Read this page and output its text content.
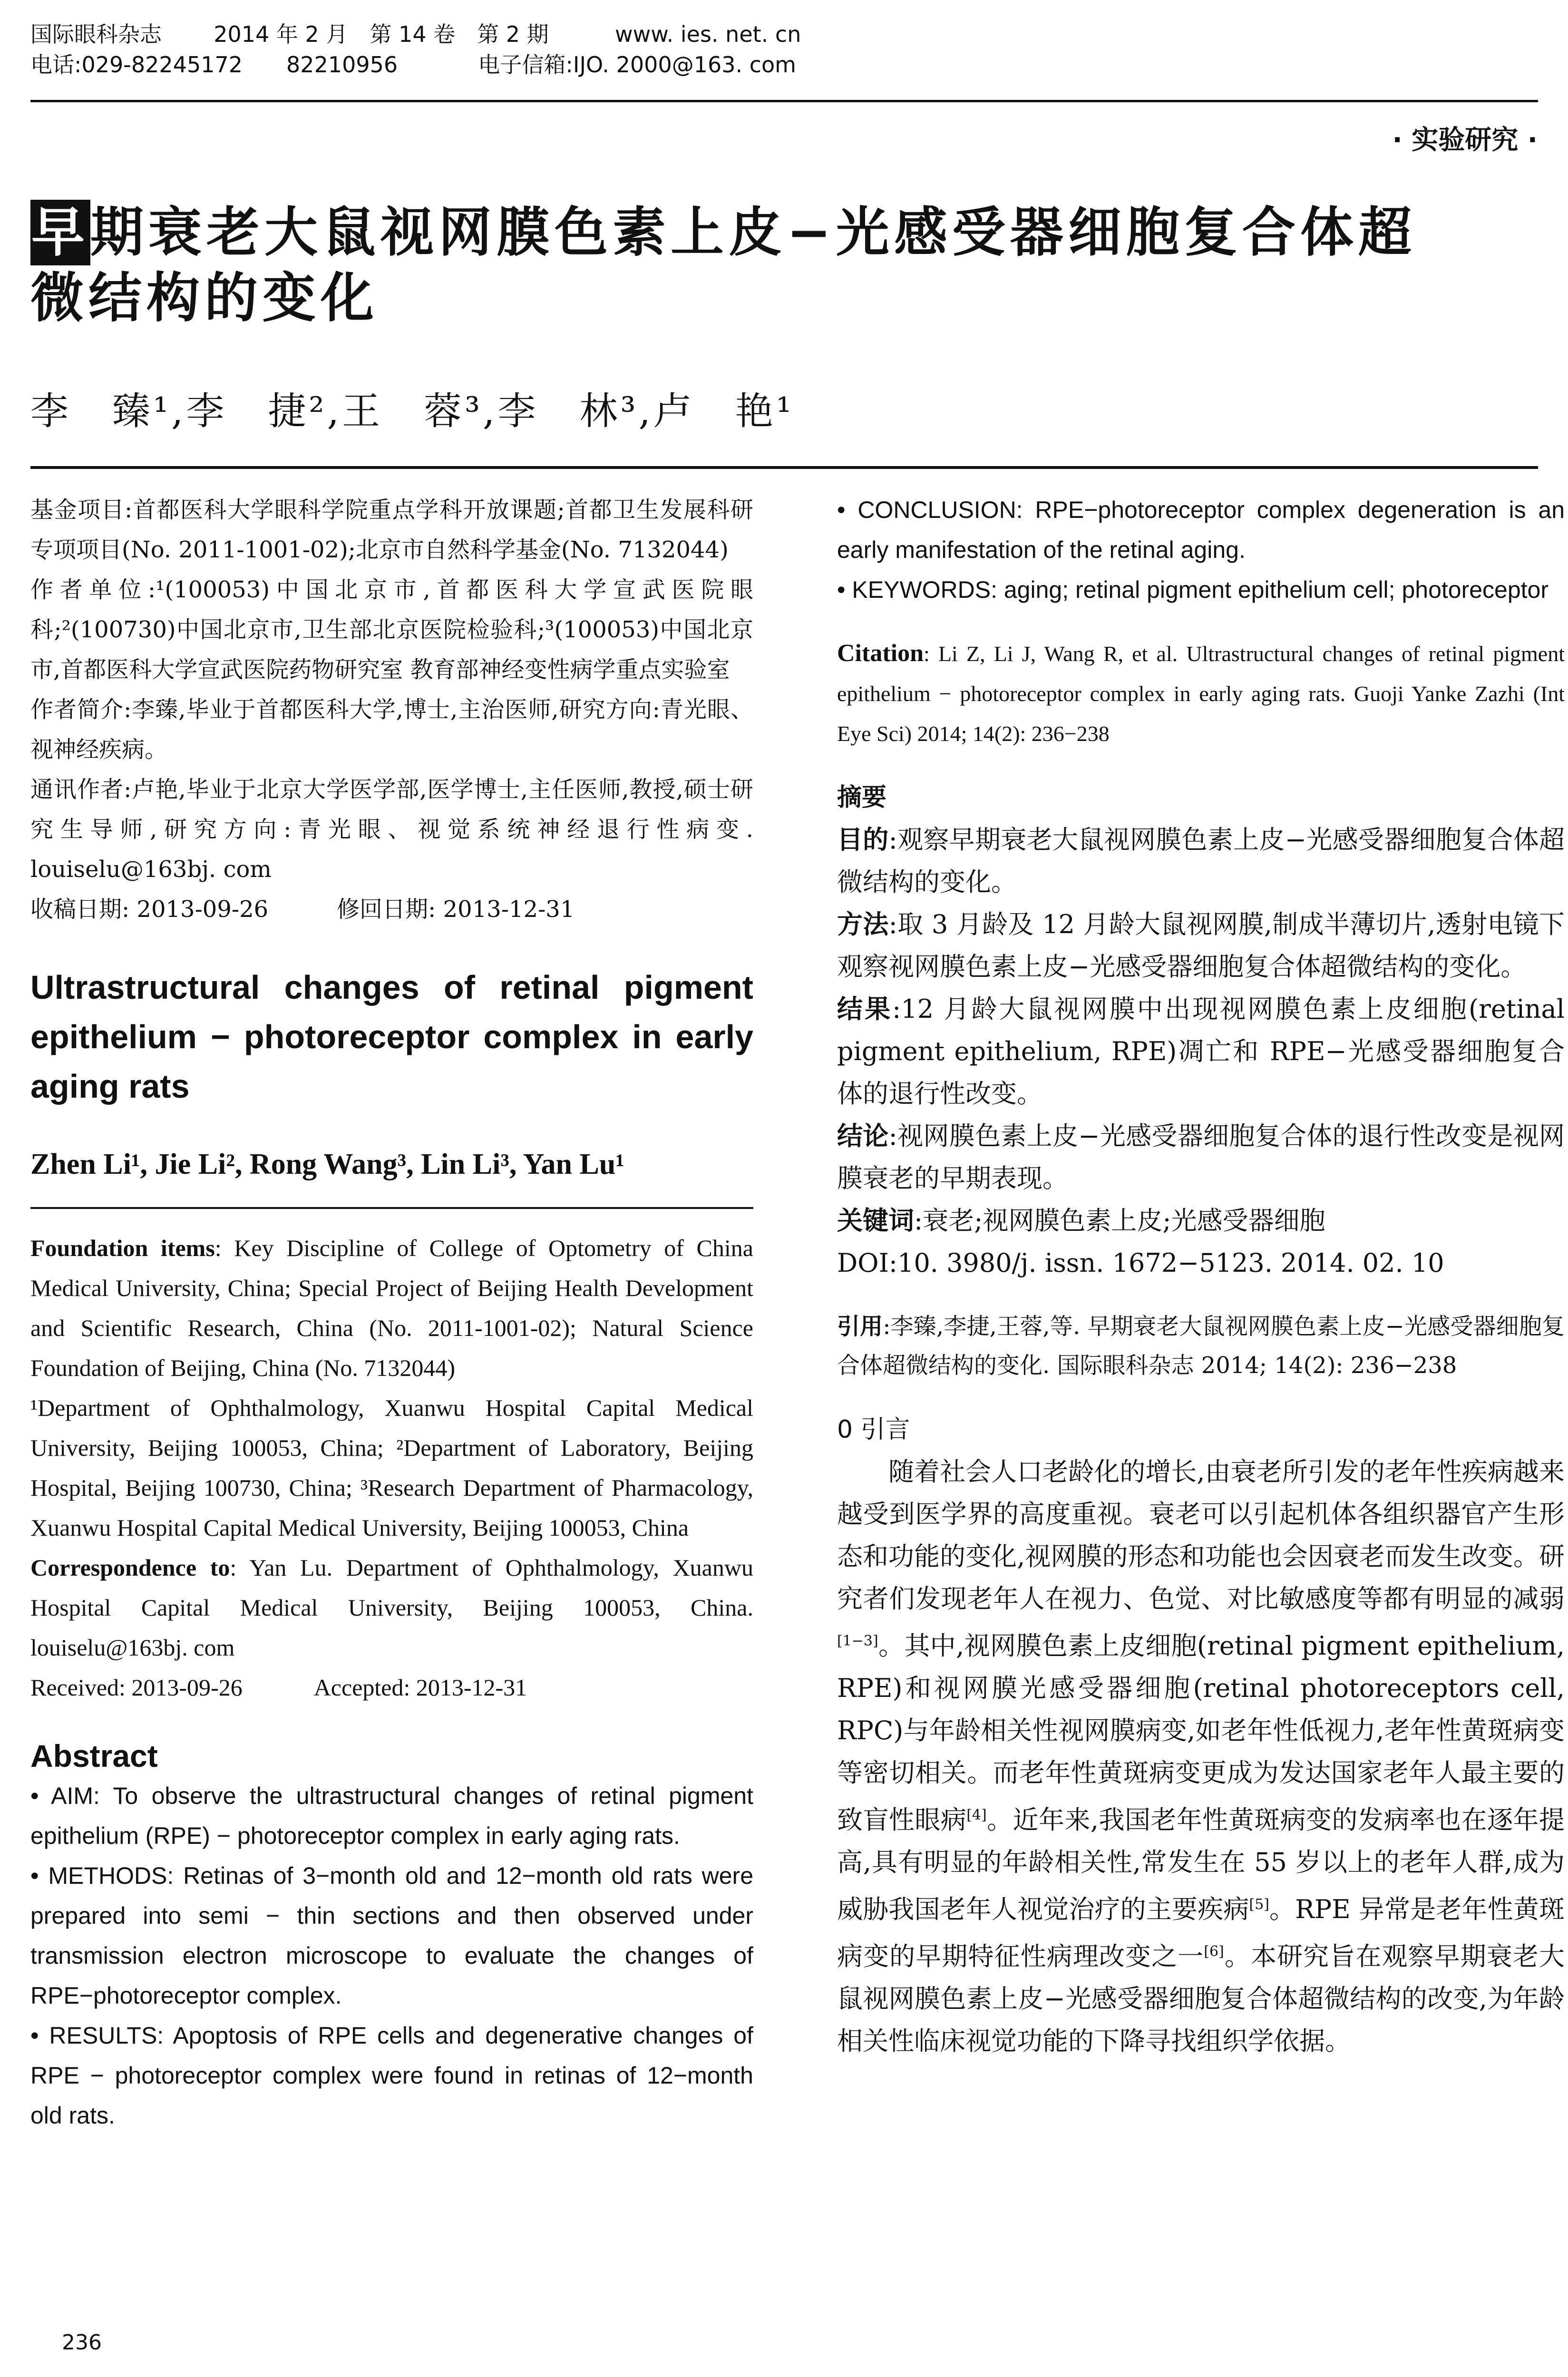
国际眼科杂志 2014 年 2 月　第 14 卷　第 2 期	www. ies. net. cn
电话:029-82245172　　82210956	电子信箱:IJO. 2000@163. com
· 实验研究 ·
早期衰老大鼠视网膜色素上皮−光感受器细胞复合体超
微结构的变化
李　臻¹,李　捷²,王　蓉³,李　林³,卢　艳¹

基金项目:首都医科大学眼科学院重点学科开放课题;首都卫生发展科研专项项目(No. 2011-1001-02);北京市自然科学基金(No. 7132044)

作者单位:¹(100053)中国北京市,首都医科大学宣武医院眼科;²(100730)中国北京市,卫生部北京医院检验科;³(100053)中国北京市,首都医科大学宣武医院药物研究室 教育部神经变性病学重点实验室

作者简介:李臻,毕业于首都医科大学,博士,主治医师,研究方向:青光眼、视神经疾病。

通讯作者:卢艳,毕业于北京大学医学部,医学博士,主任医师,教授,硕士研究生导师,研究方向:青光眼、视觉系统神经退行性病变. louiselu@163bj. com

收稿日期: 2013-09-26　　　修回日期: 2013-12-31

Ultrastructural changes of retinal pigment epithelium − photoreceptor complex in early aging rats
Zhen Li¹, Jie Li², Rong Wang³, Lin Li³, Yan Lu¹
Foundation items: Key Discipline of College of Optometry of China Medical University, China; Special Project of Beijing Health Development and Scientific Research, China (No. 2011-1001-02); Natural Science Foundation of Beijing, China (No. 7132044)
¹Department of Ophthalmology, Xuanwu Hospital Capital Medical University, Beijing 100053, China; ²Department of Laboratory, Beijing Hospital, Beijing 100730, China; ³Research Department of Pharmacology, Xuanwu Hospital Capital Medical University, Beijing 100053, China
Correspondence to: Yan Lu. Department of Ophthalmology, Xuanwu Hospital Capital Medical University, Beijing 100053, China. louiselu@163bj. com
Received: 2013-09-26　　　Accepted: 2013-12-31
Abstract
• AIM: To observe the ultrastructural changes of retinal pigment epithelium (RPE) − photoreceptor complex in early aging rats.
• METHODS: Retinas of 3−month old and 12−month old rats were prepared into semi − thin sections and then observed under transmission electron microscope to evaluate the changes of RPE−photoreceptor complex.
• RESULTS: Apoptosis of RPE cells and degenerative changes of RPE − photoreceptor complex were found in retinas of 12−month old rats.
236
• CONCLUSION: RPE−photoreceptor complex degeneration is an early manifestation of the retinal aging.
• KEYWORDS: aging; retinal pigment epithelium cell; photoreceptor
Citation: Li Z, Li J, Wang R, et al. Ultrastructural changes of retinal pigment epithelium − photoreceptor complex in early aging rats. Guoji Yanke Zazhi (Int Eye Sci) 2014; 14(2): 236−238
摘要
目的:观察早期衰老大鼠视网膜色素上皮−光感受器细胞复合体超微结构的变化。
方法:取 3 月龄及 12 月龄大鼠视网膜,制成半薄切片,透射电镜下观察视网膜色素上皮−光感受器细胞复合体超微结构的变化。
结果:12 月龄大鼠视网膜中出现视网膜色素上皮细胞(retinal pigment epithelium, RPE)凋亡和 RPE−光感受器细胞复合体的退行性改变。
结论:视网膜色素上皮−光感受器细胞复合体的退行性改变是视网膜衰老的早期表现。
关键词:衰老;视网膜色素上皮;光感受器细胞
DOI:10. 3980/j. issn. 1672−5123. 2014. 02. 10
引用:李臻,李捷,王蓉,等. 早期衰老大鼠视网膜色素上皮−光感受器细胞复合体超微结构的变化. 国际眼科杂志 2014; 14(2): 236−238
0 引言
随着社会人口老龄化的增长,由衰老所引发的老年性疾病越来越受到医学界的高度重视。衰老可以引起机体各组织器官产生形态和功能的变化,视网膜的形态和功能也会因衰老而发生改变。研究者们发现老年人在视力、色觉、对比敏感度等都有明显的减弱[1−3]。其中,视网膜色素上皮细胞(retinal pigment epithelium, RPE)和视网膜光感受器细胞(retinal photoreceptors cell, RPC)与年龄相关性视网膜病变,如老年性低视力,老年性黄斑病变等密切相关。而老年性黄斑病变更成为发达国家老年人最主要的致盲性眼病[4]。近年来,我国老年性黄斑病变的发病率也在逐年提高,具有明显的年龄相关性,常发生在 55 岁以上的老年人群,成为威胁我国老年人视觉治疗的主要疾病[5]。RPE 异常是老年性黄斑病变的早期特征性病理改变之一[6]。本研究旨在观察早期衰老大鼠视网膜色素上皮−光感受器细胞复合体超微结构的改变,为年龄相关性临床视觉功能的下降寻找组织学依据。
